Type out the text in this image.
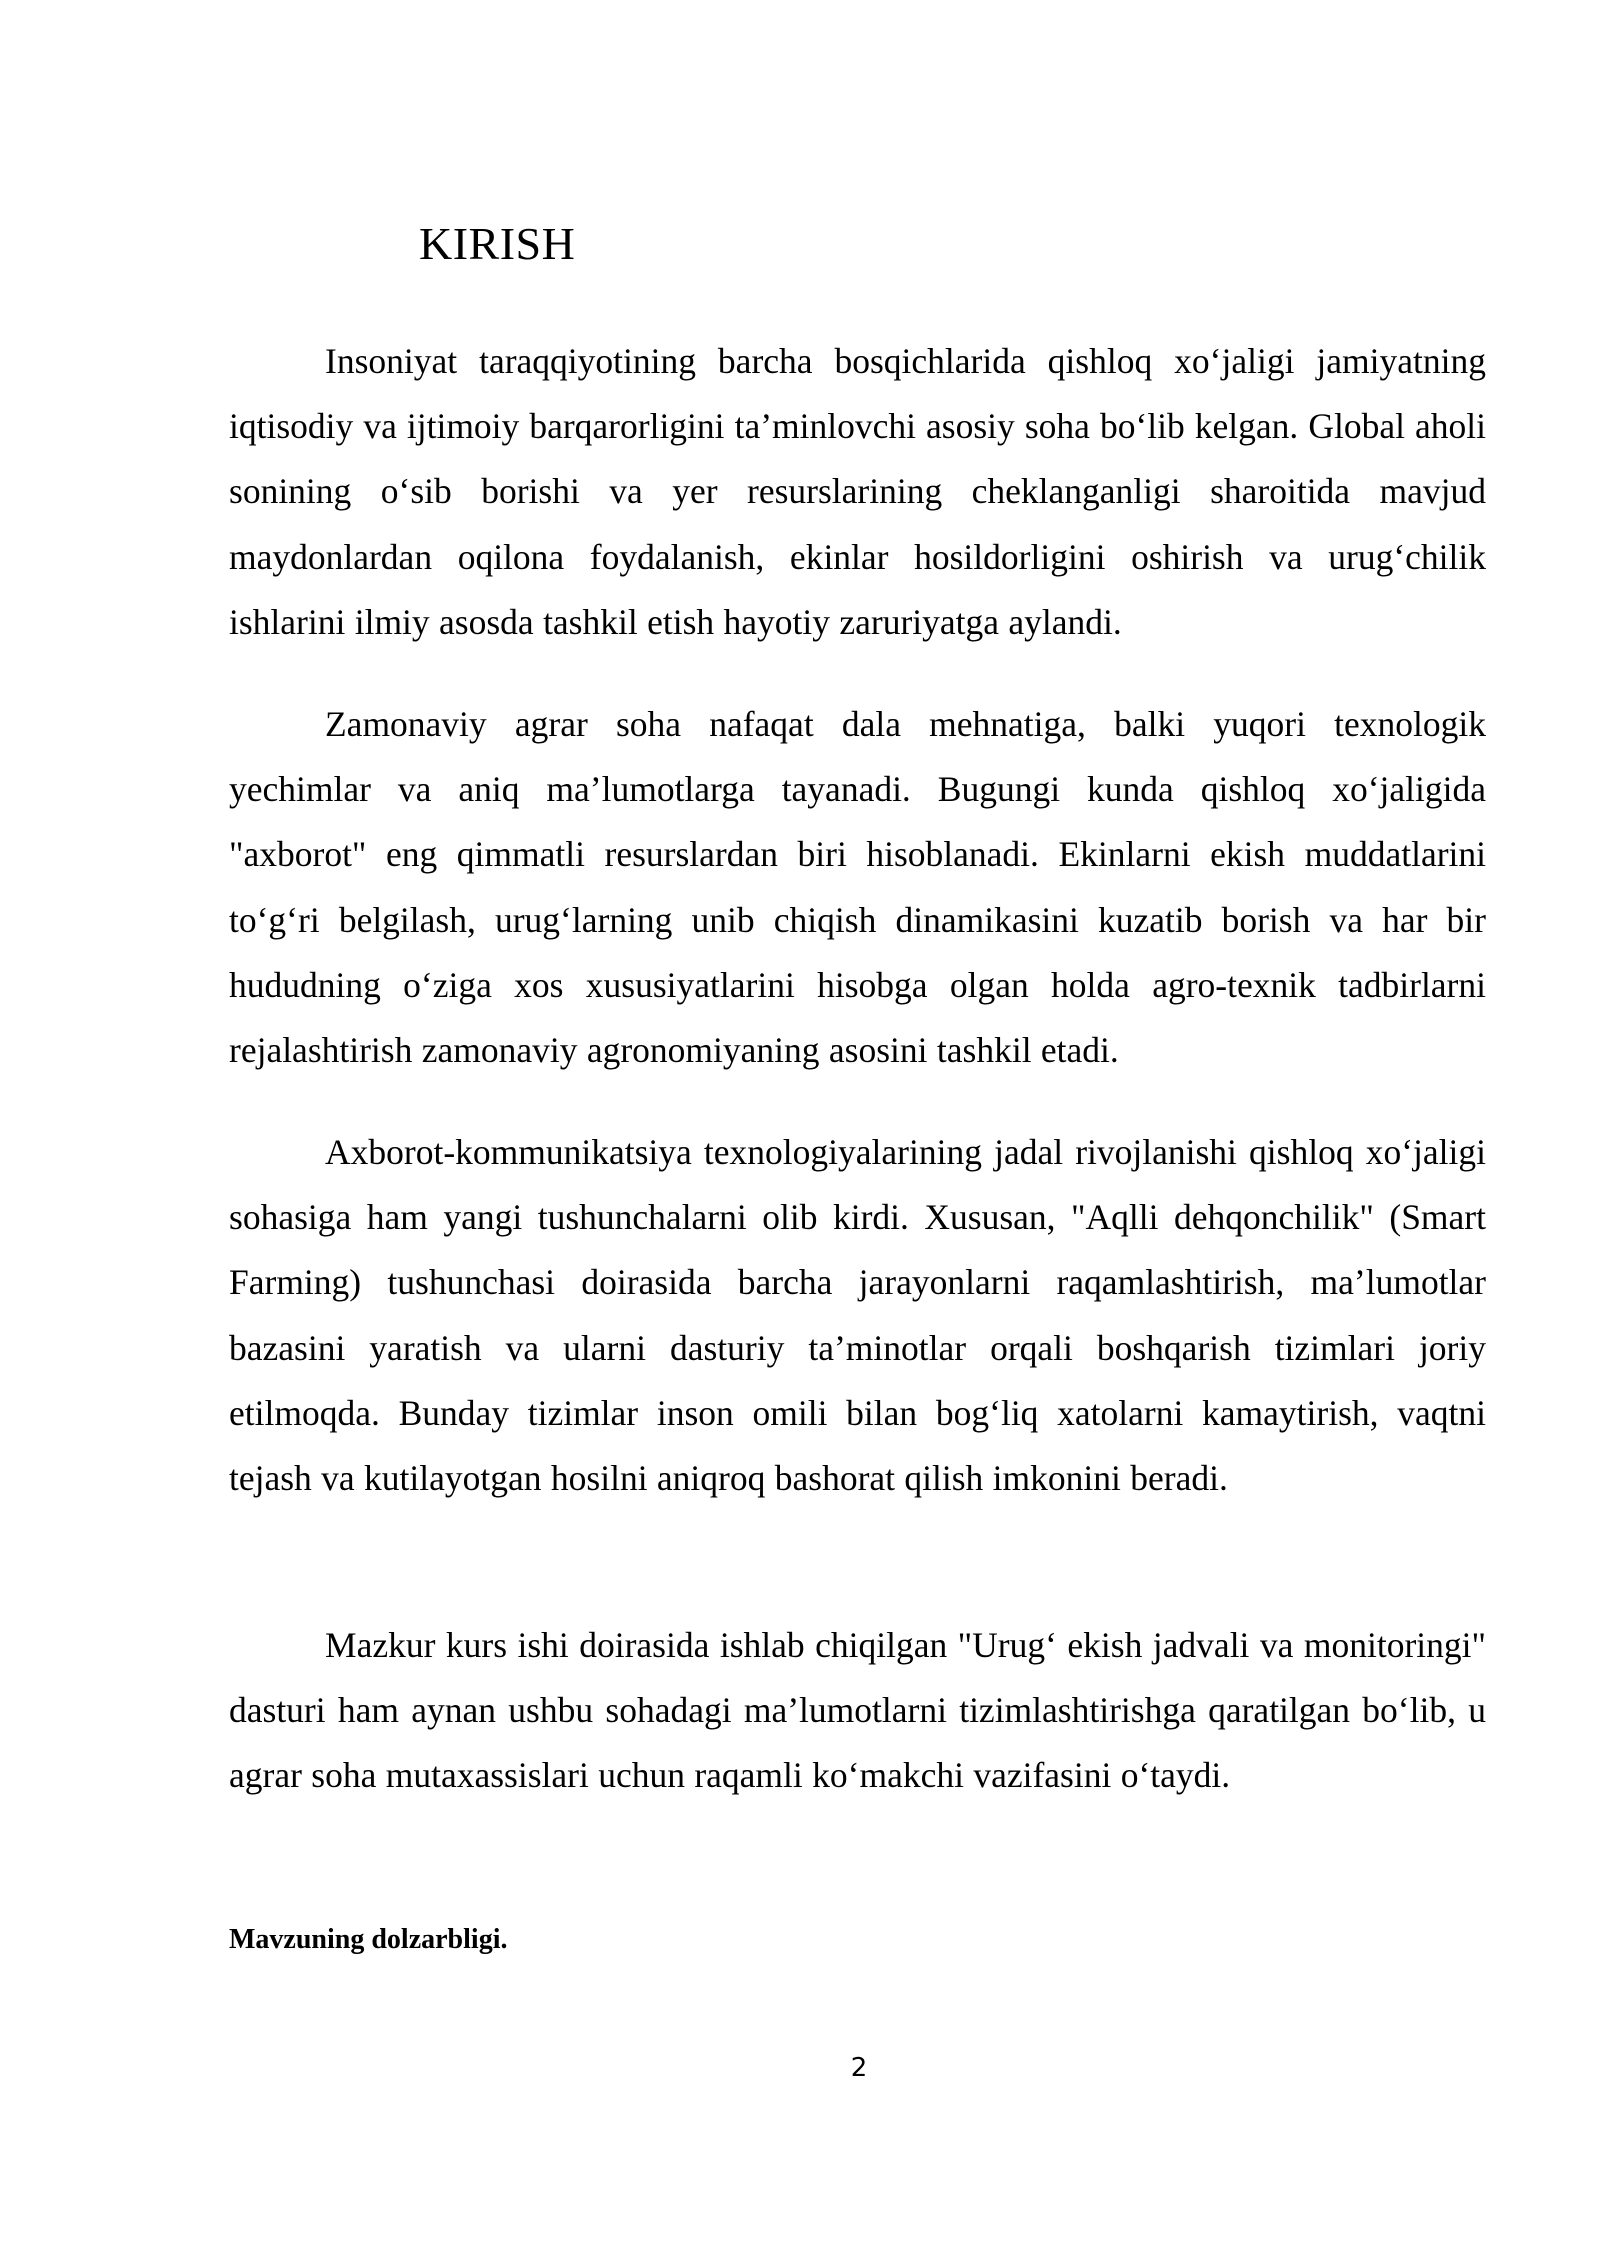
KIRISH

Insoniyat taraqqiyotining barcha bosqichlarida qishloq xo‘jaligi jamiyatning iqtisodiy va ijtimoiy barqarorligini ta’minlovchi asosiy soha bo‘lib kelgan. Global aholi sonining o‘sib borishi va yer resurslarining cheklanganligi sharoitida mavjud maydonlardan oqilona foydalanish, ekinlar hosildorligini oshirish va urug‘chilik ishlarini ilmiy asosda tashkil etish hayotiy zaruriyatga aylandi.

Zamonaviy agrar soha nafaqat dala mehnatiga, balki yuqori texnologik yechimlar va aniq ma’lumotlarga tayanadi. Bugungi kunda qishloq xo‘jaligida "axborot" eng qimmatli resurslardan biri hisoblanadi. Ekinlarni ekish muddatlarini to‘g‘ri belgilash, urug‘larning unib chiqish dinamikasini kuzatib borish va har bir hududning o‘ziga xos xususiyatlarini hisobga olgan holda agro-texnik tadbirlarni rejalashtirish zamonaviy agronomiyaning asosini tashkil etadi.

Axborot-kommunikatsiya texnologiyalarining jadal rivojlanishi qishloq xo‘jaligi sohasiga ham yangi tushunchalarni olib kirdi. Xususan, "Aqlli dehqonchilik" (Smart Farming) tushunchasi doirasida barcha jarayonlarni raqamlashtirish, ma’lumotlar bazasini yaratish va ularni dasturiy ta’minotlar orqali boshqarish tizimlari joriy etilmoqda. Bunday tizimlar inson omili bilan bog‘liq xatolarni kamaytirish, vaqtni tejash va kutilayotgan hosilni aniqroq bashorat qilish imkonini beradi.

Mazkur kurs ishi doirasida ishlab chiqilgan "Urug‘ ekish jadvali va monitoringi" dasturi ham aynan ushbu sohadagi ma’lumotlarni tizimlashtirishga qaratilgan bo‘lib, u agrar soha mutaxassislari uchun raqamli ko‘makchi vazifasini o‘taydi.

Mavzuning dolzarbligi.

2
